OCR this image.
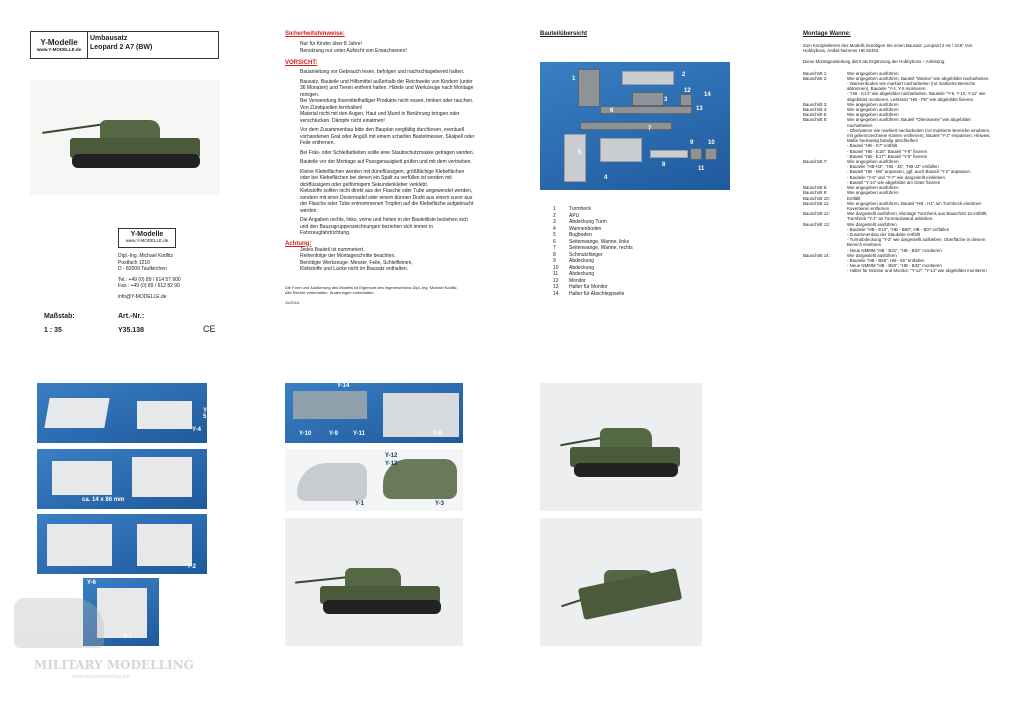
Y-Modelle
www.Y-MODELLE.de
Umbausatz
Leopard 2 A7 (BW)
Y-Modelle
www.Y-MODELLE.de
Dipl.-Ing. Michael Kodlitz
Postfach 1216
D - 82009 Taufkirchen
Tel.: +49 (0) 89 / 614 57 900
Fax.: +49 (0) 89 / 612 82 90
info@Y-MODELLE.de
Maßstab:	Art.-Nr.:
1 : 35	Y35.138	CE
Sicherheitshinweise:
Nur für Kinder über 8 Jahre!
Benutzung nur unter Aufsicht von Erwachsenen!
VORSICHT:

Bauanleitung vor Gebrauch lesen, befolgen und nachschlagebereit halten.

Bausatz, Bauteile und Hilfsmittel außerhalb der Reichweite von Kindern (unter 36 Monaten) und Tieren entfernt halten. Hände und Werkzeuge nach Montage reinigen.
Bei Verwendung lösemittelhaltiger Produkte nicht essen, trinken oder rauchen.
Von Zündquellen fernhalten!
Material nicht mit den Augen, Haut und Mund in Berührung bringen oder verschlucken. Dämpfe nicht einatmen!

Vor dem Zusammenbau bitte den Bauplan sorgfältig durchlesen, eventuell vorhandenen Grat oder Angüß mit einem scharfen Bastelmesser, Skalpell oder Feile entfernen.

Bei Fräs- oder Schleifarbeiten sollte eine Staubschutzmaske getragen werden.

Bauteile vor der Montage auf Passgenauigkeit prüfen und mit dem vertrieben.

Kleine Klebeflächen werden mit dünnflüssigem, größflächige Klebeflächen oder bei Klebeflächen bei denen ein Spalt zu verfüllen ist werden mit dickflüssigem oder gelförmigem Sekundenkleber verklebt.
Klebstoffe sollten nicht direkt aus der Flasche oder Tube angewendet werden, sondern mit einer Dosiernadel oder einem dünnen Draht aus einem zuvor aus der Flasche oder Tube entnommenen Tropfen auf die Klebefläche aufgebracht werden.

Die Angaben rechts, links, vorne und hinten in der Bauteilliste beziehen sich und den Bauzugruppenzeichnungen beziehen sich immer in Fahrzeugfahrtrichtung.

Achtung:
Jedes Bauteil ist nummeriert.
Reihenfolge der Montageschritte beachten.
Benötigte Werkzeuge: Messer, Feile, Schleifleinen,
Klebstoffe und Lacke nicht im Bausatz enthalten.
Die Form und Ausführung des Modells ist Eigentum des Ingenieurbüros Dipl.-Ing. Michael Kodlitz.
Alle Rechte vorbehalten. Änderungen vorbehalten.
11/2014
Bauteilübersicht
1
2
3
4
5
6
7
8
9 10
11
12
13
14
1	Turmheck
2	APU
3	Abdeckung Turm
4	Wannenboden
5	Bugboden
6	Seitenwange, Wanne, links
7	Seitenwange, Wanne, rechts
8	Schmutzfänger
9	Abdeckung
10 Abdeckung
11 Abdeckung
12 Monitor
13 Halter für Monitor
14 Halter für Abschleppseile
Montage Wanne:
Zum Komplettieren des Modells benötigen Sie einen Bausatz „Leopard 2 A6 / 2A6“ Von Hobbyboss, Artikel-Nummer HB 82402.

Diese Montageanleitung dient als Ergänzung der Hobbyboss – Anleitung.
Bauschritt 1:	Wie angegeben ausführen
Bauschritt 2:	Wie angegeben ausführen, Bauteil "Wanne" wie abgebildet nacharbeiten.
- Wannenboden wie markiert nacharbeiten (rot markierte Bereiche abtrennen), Bauteile "Y-4, Y-5 montieren.
- "HB - K14" wie abgebildet nacharbeiten. Bauteile "Y-9, Y-10, Y-11" wie abgebildet montieren. Leitkranz "HB - PE" wie abgebildet fixieren.
Bauschritt 3:	Wie angegeben ausführen
Bauschritt 4:	Wie angegeben ausführen
Bauschritt 5:	Wie angegeben ausführen
Bauschritt 6:	Wie angegeben ausführen, Bauteil "Oberwanne" wie abgebildet nacharbeiten
- Oberwanne wie markiert nacharbeiten (rot markierte Bereiche einebnen, mit gekennzeichnete Kanten entfernen), Bauteil "Y-2" einpassen. Hinweis: Maße heckseitig bündig abschleifen!
- Bauteil "HB - K7" entfällt.
- Bauteil "HB - E18": Bauteil "Y-8" fixieren
- Bauteil "HB - E17": Bauteil "Y-6" fixieren
Bauschritt 7:	Wie angegeben ausführen
- Bauteile "HB-H3", "HB - J5", "HB-J2" entfallen
- Bauteil "HB - M5" anpassen, ggf. auch Bauteil "Y-2" anpassen.
- Bauteile "Y-6" und "Y-7" wie dargestellt einkleben
- Bauteil "Y-14" wie abgebildet am Gitter fixieren
Bauschritt 8:	Wie angegeben ausführen
Bauschritt 9:	Wie angegeben ausführen
Bauschritt 10:	Entfällt
Bauschritt 11:	Wie angegeben ausführen, Bauteil "HB - H1" am Turmheck einebnen Kuvertieren entfernen
Bauschritt 12:	Wie dargestellt ausführen, Montage Turmheck aus Bauschritt 10 entfällt, Turmheck "Y-1" an Turmrückwand ankleben.
Bauschritt 13:	Wie dargestellt ausführen
- Bauteile "HB - E10", "HB - B60", HB - B07 entfallen
- Zusammenbau der Staukiste entfällt
- Turmabdeckung "Y-3" wie dargestellt aufkleben, Oberfläche in diesem Bereich einebnen
- Neue NMMM "HB - B31", "HB - B33" montieren
Bauschritt 14:	Wie dargestellt ausführen
- Bauteile "HB - B55", HB - 56" entfallen
- Neue NMMM "HB - B50", "HB - B32" montieren
- Halter für Monitor und Monitor, "Y-12", "Y-14" wie abgebildet montieren
Y-5
Y-4
ca. 14 x 86 mm
Y-2
Y-6
Y-7
MILITARY MODELLING
www.militarymodelling.info
Y-14
Y-10	Y-9 Y-11	Y-8
Y-12
Y-13
Y-1	Y-3
